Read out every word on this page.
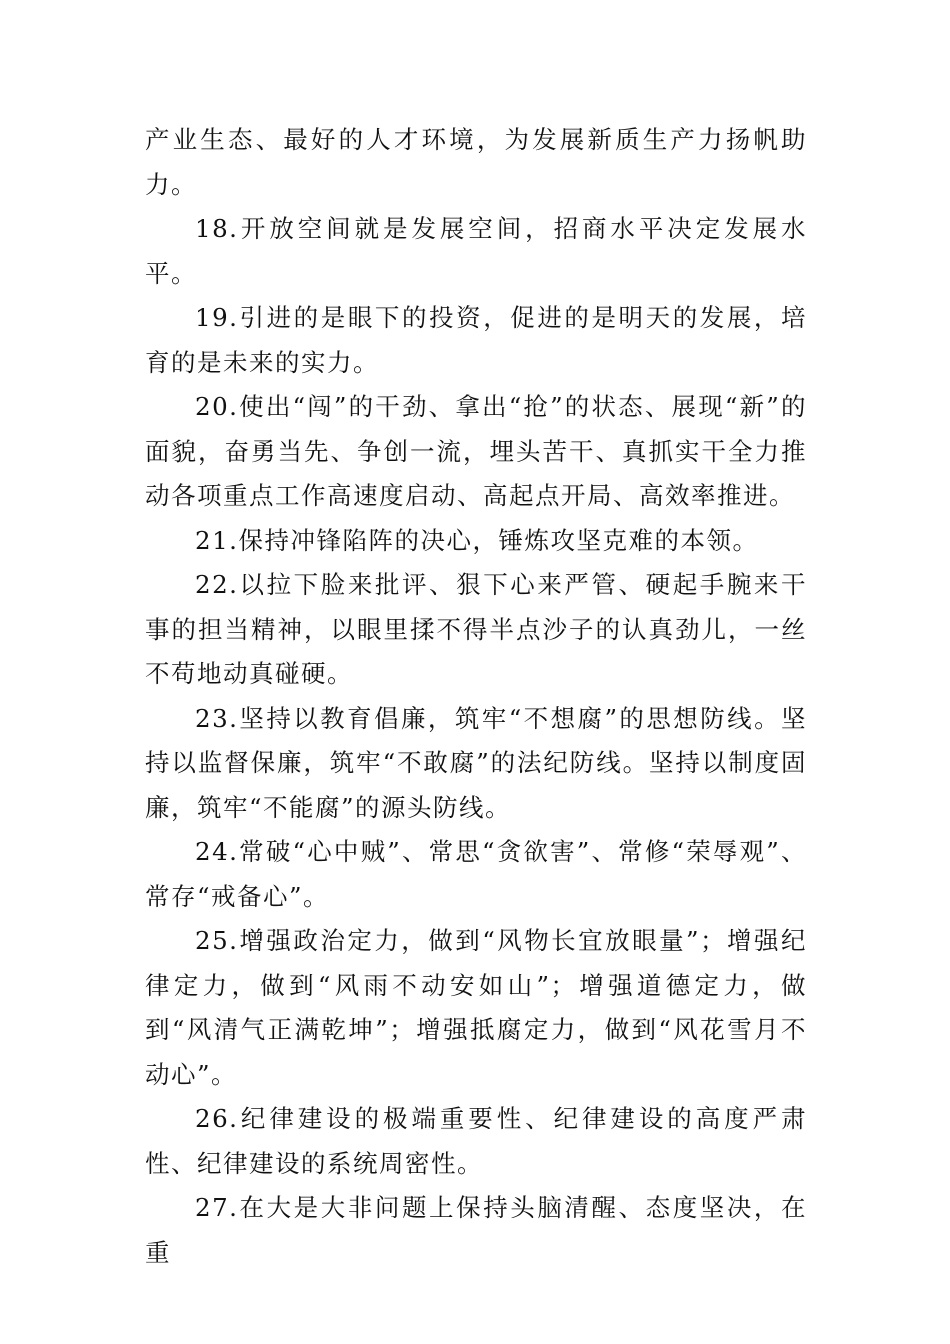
产业生态、最好的人才环境，为发展新质生产力扬帆助力。

18.开放空间就是发展空间，招商水平决定发展水平。

19.引进的是眼下的投资，促进的是明天的发展，培育的是未来的实力。

20.使出“闯”的干劲、拿出“抢”的状态、展现“新”的面貌，奋勇当先、争创一流，埋头苦干、真抓实干全力推动各项重点工作高速度启动、高起点开局、高效率推进。

21.保持冲锋陷阵的决心，锤炼攻坚克难的本领。

22.以拉下脸来批评、狠下心来严管、硬起手腕来干事的担当精神，以眼里揉不得半点沙子的认真劲儿，一丝不苟地动真碰硬。

23.坚持以教育倡廉，筑牢“不想腐”的思想防线。坚持以监督保廉，筑牢“不敢腐”的法纪防线。坚持以制度固廉，筑牢“不能腐”的源头防线。

24.常破“心中贼”、常思“贪欲害”、常修“荣辱观”、常存“戒备心”。

25.增强政治定力，做到“风物长宜放眼量”；增强纪律定力，做到“风雨不动安如山”；增强道德定力，做到“风清气正满乾坤”；增强抵腐定力，做到“风花雪月不动心”。

26.纪律建设的极端重要性、纪律建设的高度严肃性、纪律建设的系统周密性。

27.在大是大非问题上保持头脑清醒、态度坚决，在重
